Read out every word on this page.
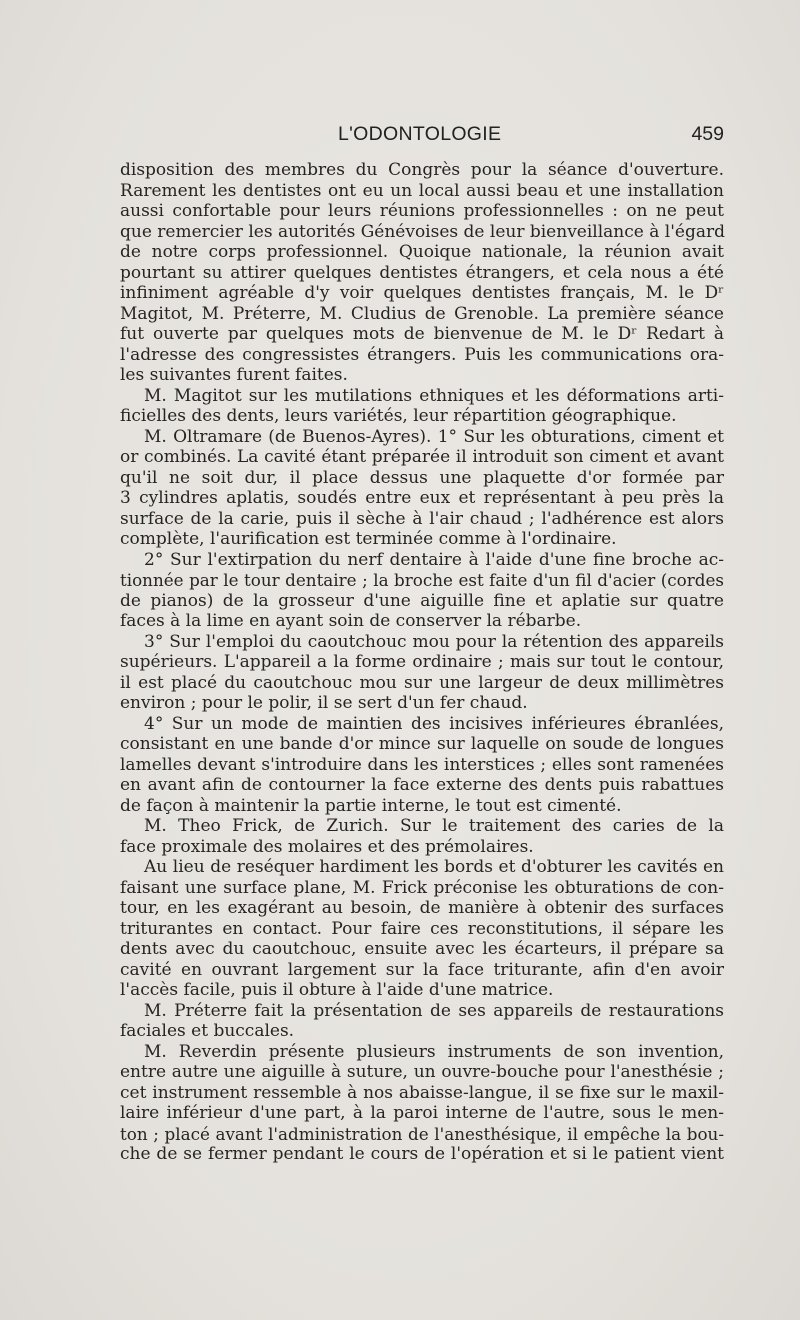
L'ODONTOLOGIE	459
disposition des membres du Congrès pour la séance d'ouverture.
Rarement les dentistes ont eu un local aussi beau et une installation
aussi confortable pour leurs réunions professionnelles : on ne peut
que remercier les autorités Génévoises de leur bienveillance à l'égard
de notre corps professionnel. Quoique nationale, la réunion avait
pourtant su attirer quelques dentistes étrangers, et cela nous a été
infiniment agréable d'y voir quelques dentistes français, M. le Dʳ
Magitot, M. Préterre, M. Cludius de Grenoble. La première séance
fut ouverte par quelques mots de bienvenue de M. le Dʳ Redart à
l'adresse des congressistes étrangers. Puis les communications ora-
les suivantes furent faites.
M. Magitot sur les mutilations ethniques et les déformations arti-
ficielles des dents, leurs variétés, leur répartition géographique.
M. Oltramare (de Buenos-Ayres). 1° Sur les obturations, ciment et
or combinés. La cavité étant préparée il introduit son ciment et avant
qu'il ne soit dur, il place dessus une plaquette d'or formée par
3 cylindres aplatis, soudés entre eux et représentant à peu près la
surface de la carie, puis il sèche à l'air chaud ; l'adhérence est alors
complète, l'aurification est terminée comme à l'ordinaire.
2° Sur l'extirpation du nerf dentaire à l'aide d'une fine broche ac-
tionnée par le tour dentaire ; la broche est faite d'un fil d'acier (cordes
de pianos) de la grosseur d'une aiguille fine et aplatie sur quatre
faces à la lime en ayant soin de conserver la rébarbe.
3° Sur l'emploi du caoutchouc mou pour la rétention des appareils
supérieurs. L'appareil a la forme ordinaire ; mais sur tout le contour,
il est placé du caoutchouc mou sur une largeur de deux millimètres
environ ; pour le polir, il se sert d'un fer chaud.
4° Sur un mode de maintien des incisives inférieures ébranlées,
consistant en une bande d'or mince sur laquelle on soude de longues
lamelles devant s'introduire dans les interstices ; elles sont ramenées
en avant afin de contourner la face externe des dents puis rabattues
de façon à maintenir la partie interne, le tout est cimenté.
M. Theo Frick, de Zurich. Sur le traitement des caries de la
face proximale des molaires et des prémolaires.
Au lieu de reséquer hardiment les bords et d'obturer les cavités en
faisant une surface plane, M. Frick préconise les obturations de con-
tour, en les exagérant au besoin, de manière à obtenir des surfaces
triturantes en contact. Pour faire ces reconstitutions, il sépare les
dents avec du caoutchouc, ensuite avec les écarteurs, il prépare sa
cavité en ouvrant largement sur la face triturante, afin d'en avoir
l'accès facile, puis il obture à l'aide d'une matrice.
M. Préterre fait la présentation de ses appareils de restaurations
faciales et buccales.
M. Reverdin présente plusieurs instruments de son invention,
entre autre une aiguille à suture, un ouvre-bouche pour l'anesthésie ;
cet instrument ressemble à nos abaisse-langue, il se fixe sur le maxil-
laire inférieur d'une part, à la paroi interne de l'autre, sous le men-
ton ; placé avant l'administration de l'anesthésique, il empêche la bou-
che de se fermer pendant le cours de l'opération et si le patient vient
